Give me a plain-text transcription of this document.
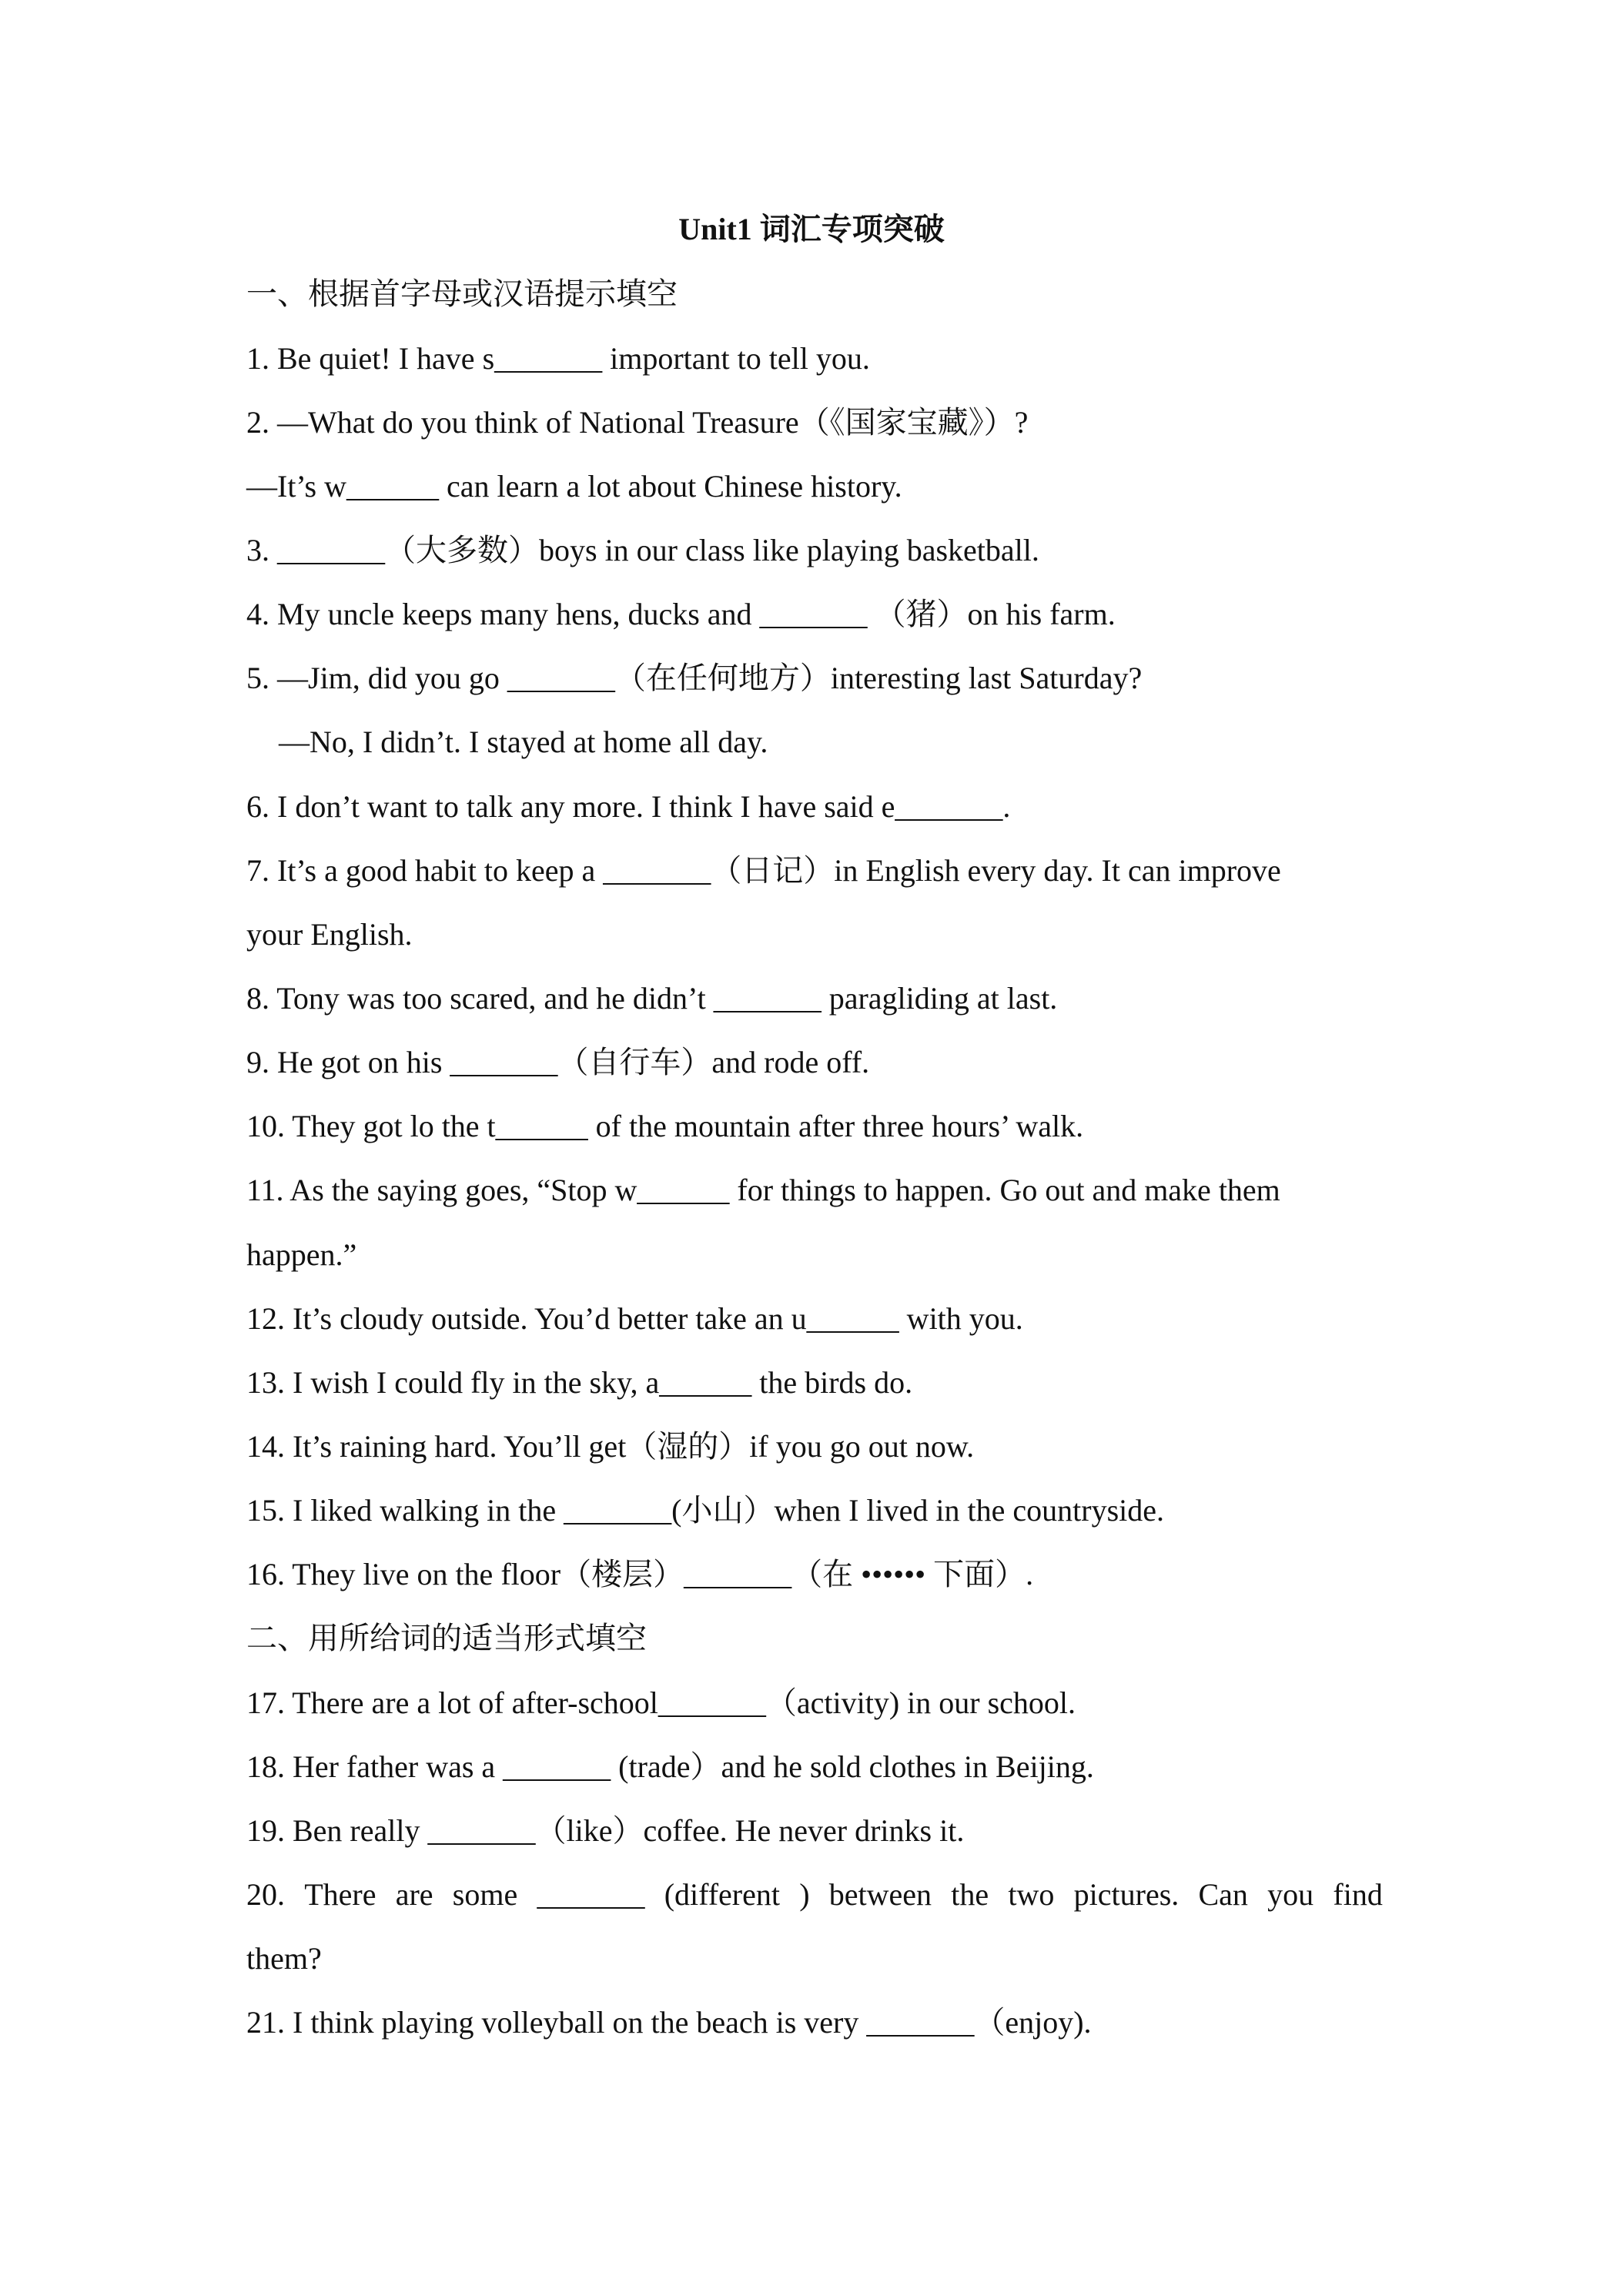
Unit1 词汇专项突破
一、根据首字母或汉语提示填空
1. Be quiet! I have s_______ important to tell you.
2. —What do you think of National Treasure（《国家宝藏》）?
—It’s w______ can learn a lot about Chinese history.
3. _______（大多数）boys in our class like playing basketball.
4. My uncle keeps many hens, ducks and _______ （猪）on his farm.
5. —Jim, did you go _______（在任何地方）interesting last Saturday?
—No, I didn’t. I stayed at home all day.
6. I don’t want to talk any more. I think I have said e_______.
7. It’s a good habit to keep a _______（日记）in English every day. It can improve
your English.
8. Tony was too scared, and he didn’t _______ paragliding at last.
9. He got on his _______（自行车）and rode off.
10. They got lo the t______ of the mountain after three hours’ walk.
11. As the saying goes, “Stop w______ for things to happen. Go out and make them
happen.”
12. It’s cloudy outside. You’d better take an u______ with you.
13. I wish I could fly in the sky, a______ the birds do.
14. It’s raining hard. You’ll get（湿的）if you go out now.
15. I liked walking in the _______(小山）when I lived in the countryside.
16. They live on the floor（楼层）_______（在 •••••• 下面）.
二、用所给词的适当形式填空
17. There are a lot of after-school_______（activity) in our school.
18. Her father was a _______ (trade）and he sold clothes in Beijing.
19. Ben really _______（like）coffee. He never drinks it.
20. There are some _______ (different ) between the two pictures. Can you find
them?
21. I think playing volleyball on the beach is very _______（enjoy).
